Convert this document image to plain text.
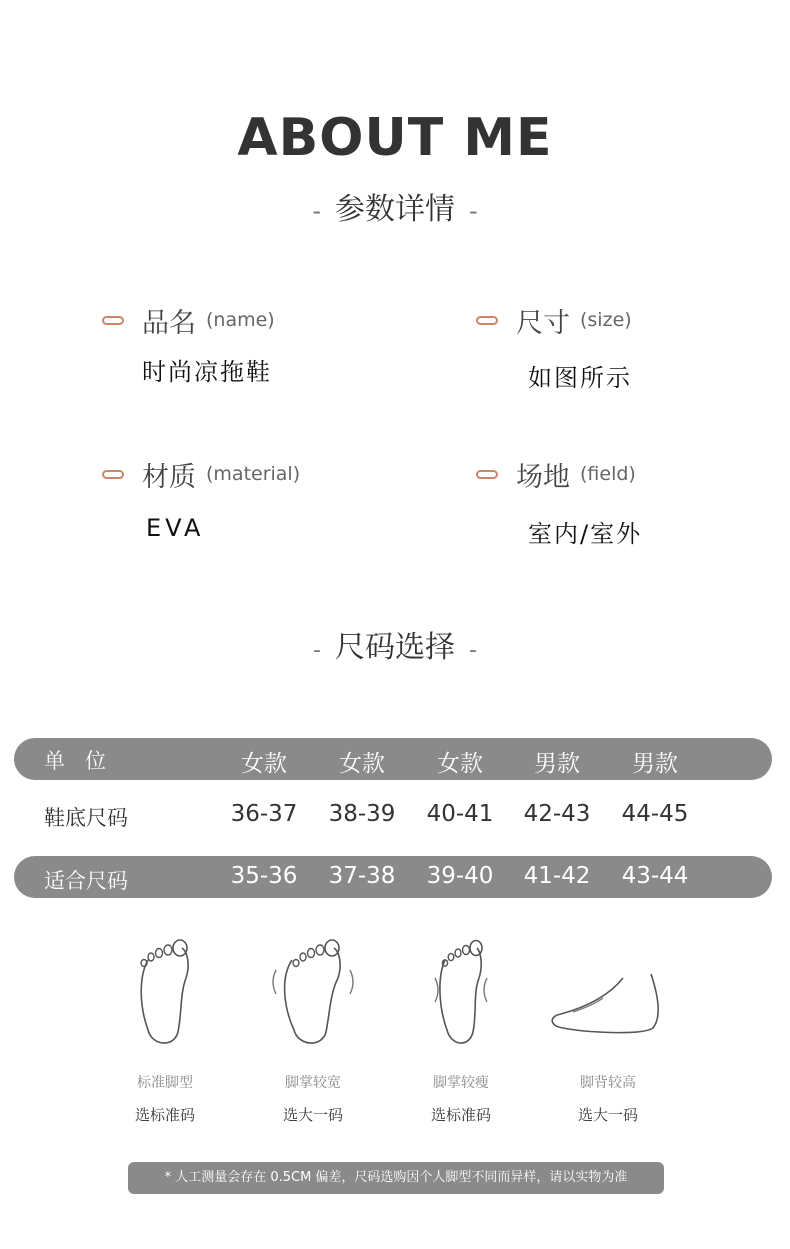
ABOUT ME
- 参数详情 -
品名 (name)
时尚凉拖鞋
尺寸 (size)
如图所示
材质 (material)
EVA
场地 (field)
室内/室外
- 尺码选择 -
单   位	女款	女款	女款	男款	男款
鞋底尺码	36-37	38-39	40-41	42-43	44-45
适合尺码	35-36	37-38	39-40	41-42	43-44
标准脚型
选标准码
脚掌较宽
选大一码
脚掌较瘦
选标准码
脚背较高
选大一码
* 人工测量会存在 0.5CM 偏差，尺码选购因个人脚型不同而异样，请以实物为准
